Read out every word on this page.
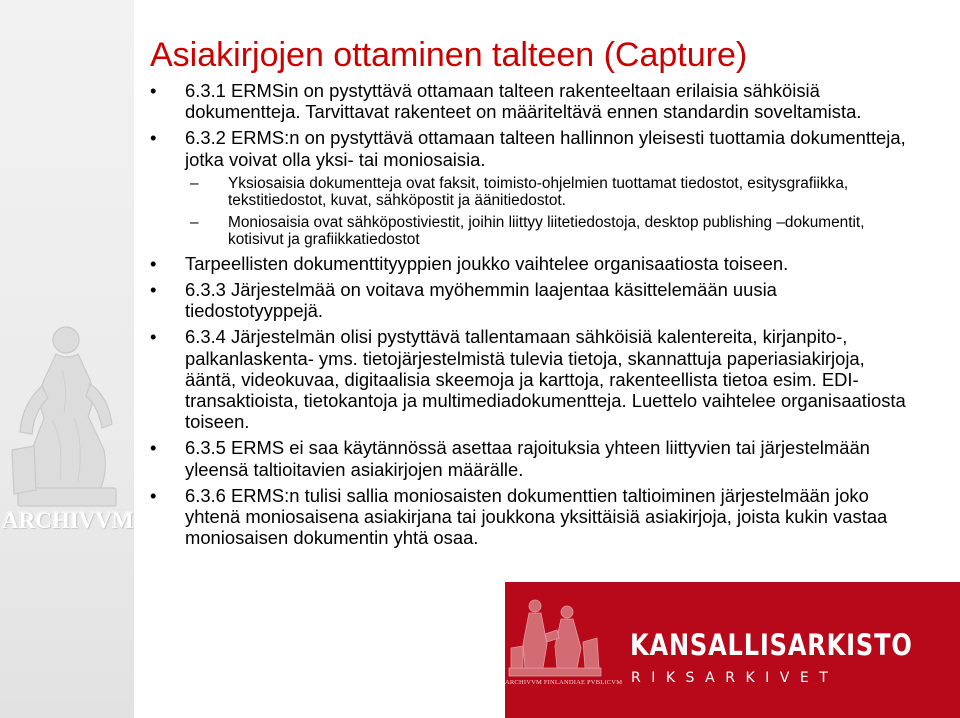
ARCHIVVM
Asiakirjojen ottaminen talteen (Capture)
• 6.3.1 ERMSin on pystyttävä ottamaan talteen rakenteeltaan erilaisia sähköisiä dokumentteja. Tarvittavat rakenteet on määriteltävä ennen standardin soveltamista.
• 6.3.2 ERMS:n on pystyttävä ottamaan talteen hallinnon yleisesti tuottamia dokumentteja, jotka voivat olla yksi- tai moniosaisia.
– Yksiosaisia dokumentteja ovat faksit, toimisto-ohjelmien tuottamat tiedostot, esitysgrafiikka, tekstitiedostot, kuvat, sähköpostit ja äänitiedostot.
– Moniosaisia ovat sähköpostiviestit, joihin liittyy liitetiedostoja, desktop publishing –dokumentit, kotisivut ja grafiikkatiedostot
• Tarpeellisten dokumenttityyppien joukko vaihtelee organisaatiosta toiseen.
• 6.3.3 Järjestelmää on voitava myöhemmin laajentaa käsittelemään uusia tiedostotyyppejä.
• 6.3.4 Järjestelmän olisi pystyttävä tallentamaan sähköisiä kalentereita, kirjanpito-, palkanlaskenta- yms. tietojärjestelmistä tulevia tietoja, skannattuja paperiasiakirjoja, ääntä, videokuvaa, digitaalisia skeemoja ja karttoja, rakenteellista tietoa esim. EDI-transaktioista, tietokantoja ja multimediadokumentteja. Luettelo vaihtelee organisaatiosta toiseen.
• 6.3.5 ERMS ei saa käytännössä asettaa rajoituksia yhteen liittyvien tai järjestelmään yleensä taltioitavien asiakirjojen määrälle.
• 6.3.6 ERMS:n tulisi sallia moniosaisten dokumenttien taltioiminen järjestelmään joko yhtenä moniosaisena asiakirjana tai joukkona yksittäisiä asiakirjoja, joista kukin vastaa moniosaisen dokumentin yhtä osaa.
ARCHIVVM FINLANDIAE PVBLICVM
KANSALLISARKISTO
RIKSARKIVET
